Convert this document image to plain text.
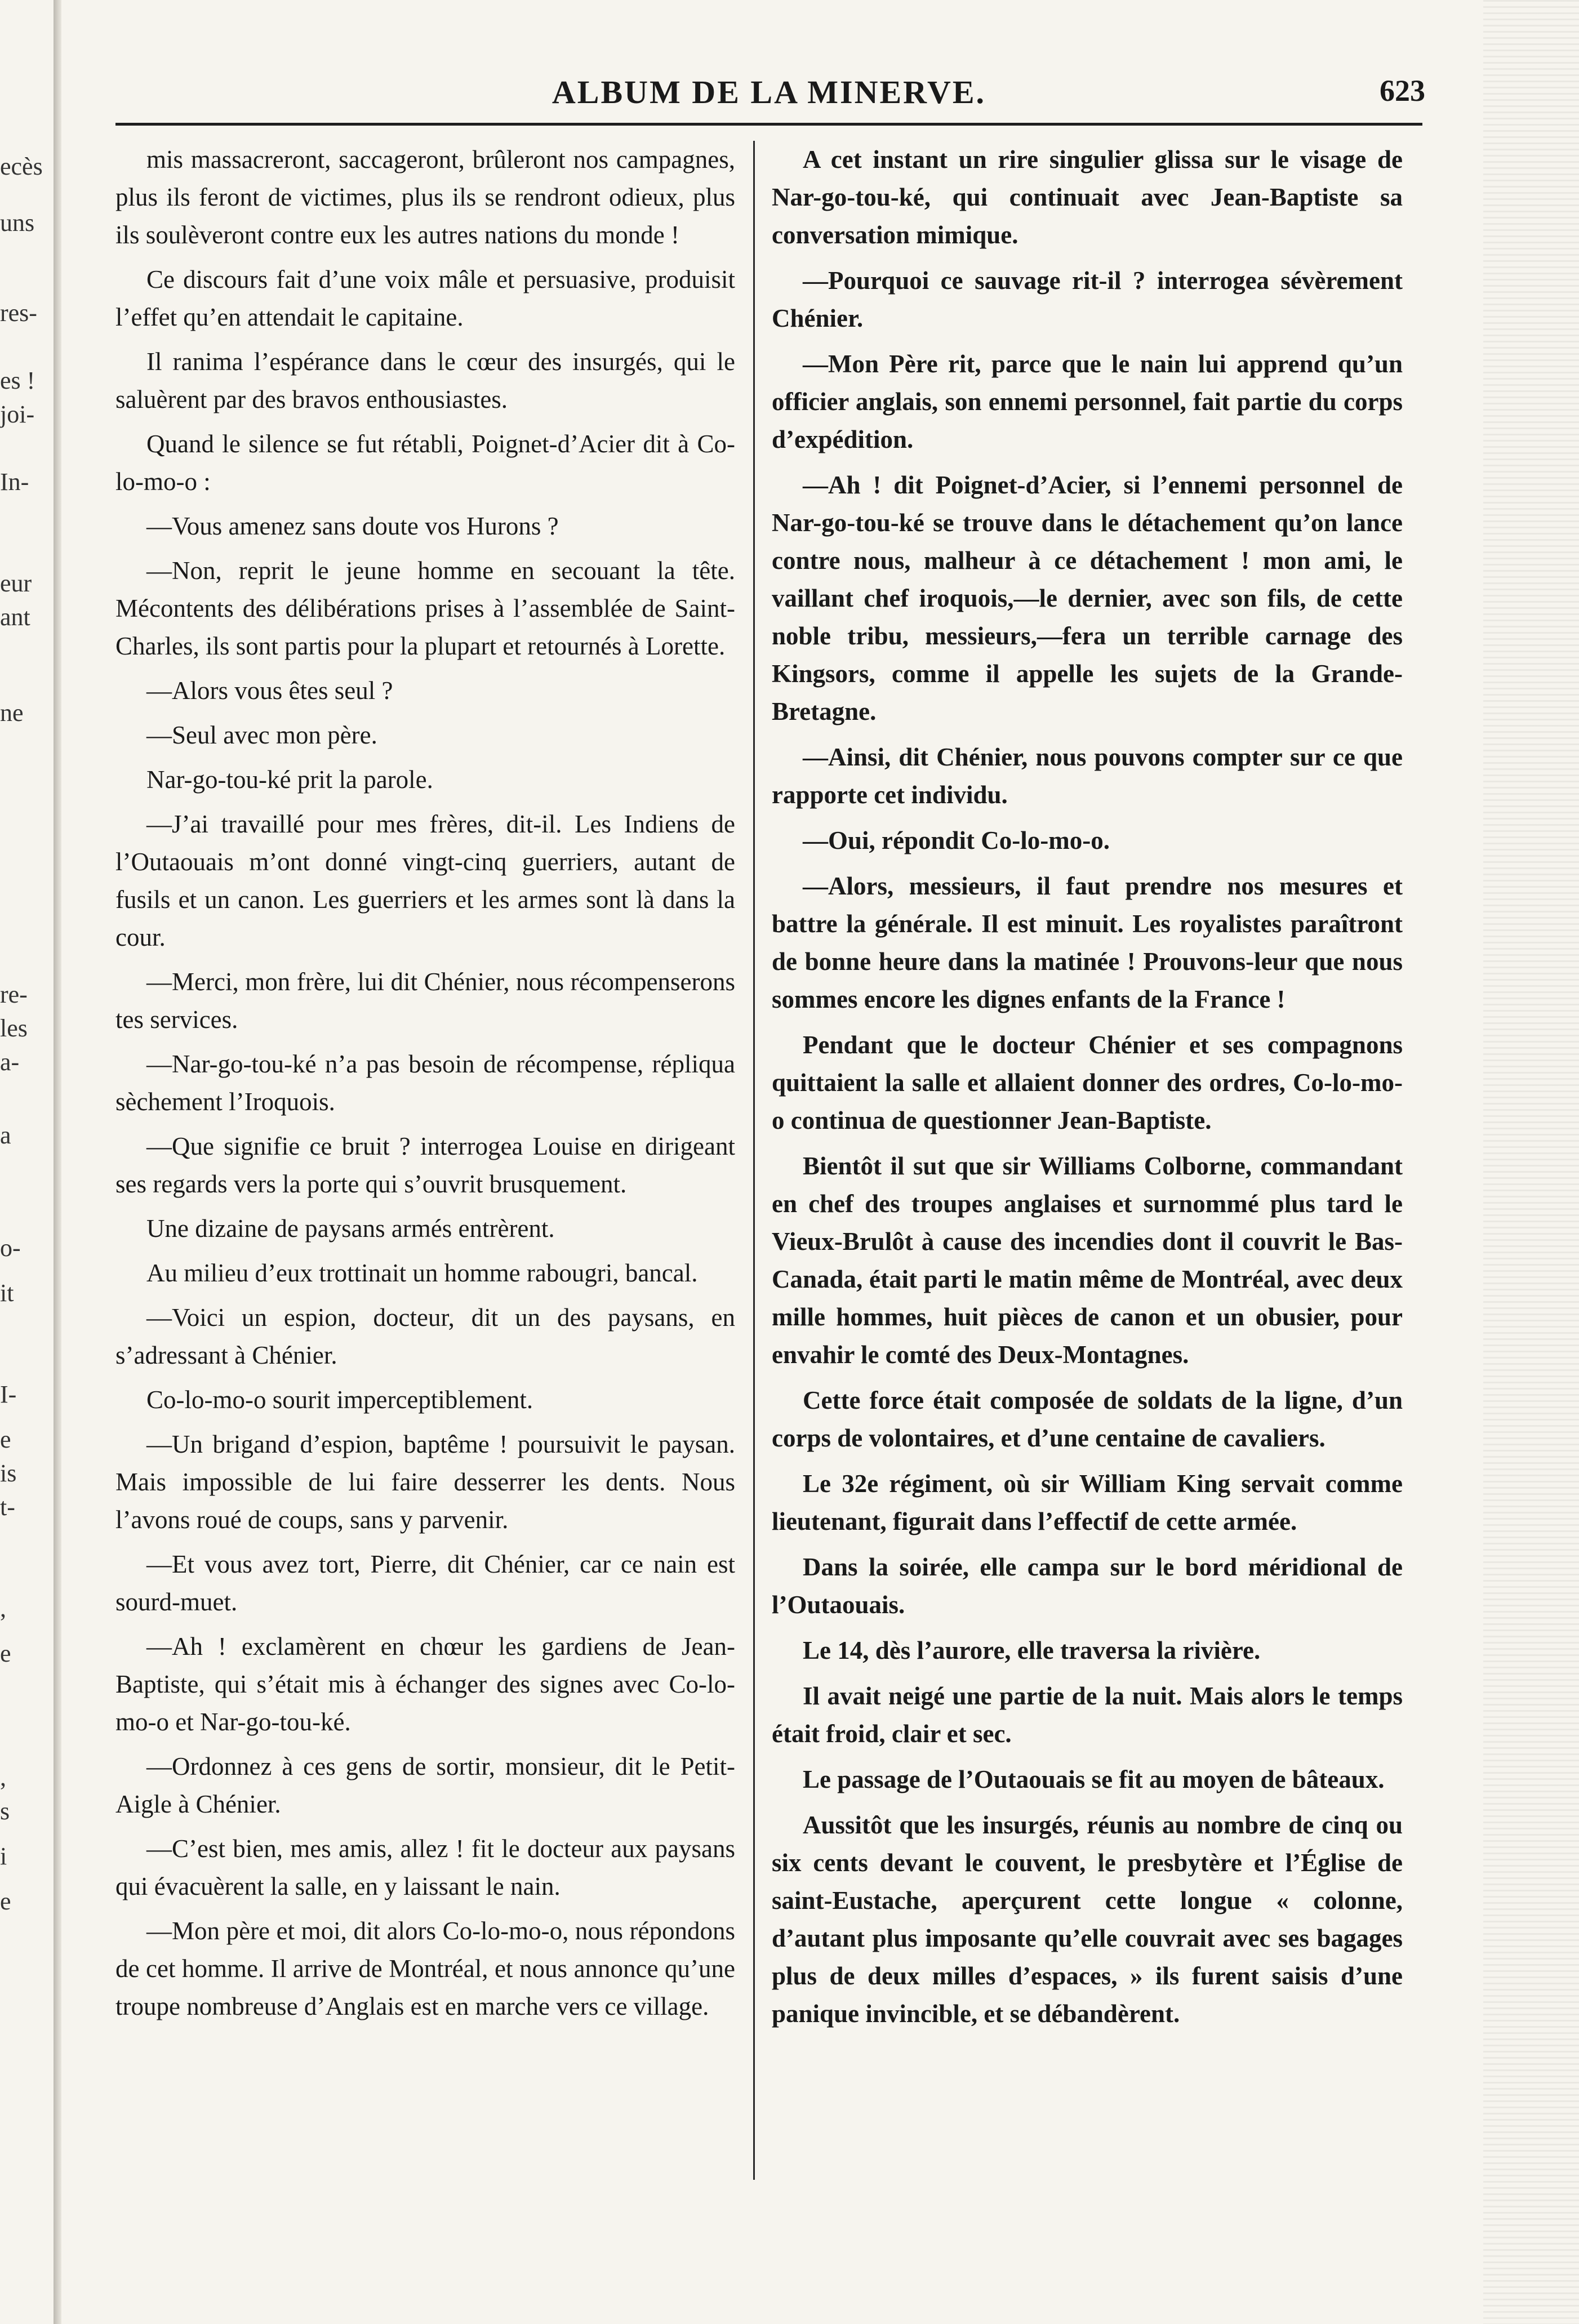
ecès
uns
res-
es !
joi-
In-
eur
ant
ne
re-
les
a-
a
o-
it
I-
e
is
t-
,
e
,
s
i
e
ALBUM DE LA MINERVE.	623

mis massacreront, saccageront, brûleront nos campagnes, plus ils feront de victimes, plus ils se rendront odieux, plus ils soulèveront contre eux les autres nations du monde !

Ce discours fait d’une voix mâle et persuasive, produisit l’effet qu’en attendait le capitaine.

Il ranima l’espérance dans le cœur des insurgés, qui le saluèrent par des bravos enthousiastes.

Quand le silence se fut rétabli, Poignet-d’Acier dit à Co-lo-mo-o :

—Vous amenez sans doute vos Hurons ?

—Non, reprit le jeune homme en secouant la tête. Mécontents des délibérations prises à l’assemblée de Saint-Charles, ils sont partis pour la plupart et retournés à Lorette.

—Alors vous êtes seul ?

—Seul avec mon père.

Nar-go-tou-ké prit la parole.

—J’ai travaillé pour mes frères, dit-il. Les Indiens de l’Outaouais m’ont donné vingt-cinq guerriers, autant de fusils et un canon. Les guerriers et les armes sont là dans la cour.

—Merci, mon frère, lui dit Chénier, nous récompenserons tes services.

—Nar-go-tou-ké n’a pas besoin de récompense, répliqua sèchement l’Iroquois.

—Que signifie ce bruit ? interrogea Louise en dirigeant ses regards vers la porte qui s’ouvrit brusquement.

Une dizaine de paysans armés entrèrent.

Au milieu d’eux trottinait un homme rabougri, bancal.

—Voici un espion, docteur, dit un des paysans, en s’adressant à Chénier.

Co-lo-mo-o sourit imperceptiblement.

—Un brigand d’espion, baptême ! poursuivit le paysan. Mais impossible de lui faire desserrer les dents. Nous l’avons roué de coups, sans y parvenir.

—Et vous avez tort, Pierre, dit Chénier, car ce nain est sourd-muet.

—Ah ! exclamèrent en chœur les gardiens de Jean-Baptiste, qui s’était mis à échanger des signes avec Co-lo-mo-o et Nar-go-tou-ké.

—Ordonnez à ces gens de sortir, monsieur, dit le Petit-Aigle à Chénier.

—C’est bien, mes amis, allez ! fit le docteur aux paysans qui évacuèrent la salle, en y laissant le nain.

—Mon père et moi, dit alors Co-lo-mo-o, nous répondons de cet homme. Il arrive de Montréal, et nous annonce qu’une troupe nombreuse d’Anglais est en marche vers ce village.

A cet instant un rire singulier glissa sur le visage de Nar-go-tou-ké, qui continuait avec Jean-Baptiste sa conversation mimique.

—Pourquoi ce sauvage rit-il ? interrogea sévèrement Chénier.

—Mon Père rit, parce que le nain lui apprend qu’un officier anglais, son ennemi personnel, fait partie du corps d’expédition.

—Ah ! dit Poignet-d’Acier, si l’ennemi personnel de Nar-go-tou-ké se trouve dans le détachement qu’on lance contre nous, malheur à ce détachement ! mon ami, le vaillant chef iroquois,—le dernier, avec son fils, de cette noble tribu, messieurs,—fera un terrible carnage des Kingsors, comme il appelle les sujets de la Grande-Bretagne.

—Ainsi, dit Chénier, nous pouvons compter sur ce que rapporte cet individu.

—Oui, répondit Co-lo-mo-o.

—Alors, messieurs, il faut prendre nos mesures et battre la générale. Il est minuit. Les royalistes paraîtront de bonne heure dans la matinée ! Prouvons-leur que nous sommes encore les dignes enfants de la France !

Pendant que le docteur Chénier et ses compagnons quittaient la salle et allaient donner des ordres, Co-lo-mo-o continua de questionner Jean-Baptiste.

Bientôt il sut que sir Williams Colborne, commandant en chef des troupes anglaises et surnommé plus tard le Vieux-Brulôt à cause des incendies dont il couvrit le Bas-Canada, était parti le matin même de Montréal, avec deux mille hommes, huit pièces de canon et un obusier, pour envahir le comté des Deux-Montagnes.

Cette force était composée de soldats de la ligne, d’un corps de volontaires, et d’une centaine de cavaliers.

Le 32e régiment, où sir William King servait comme lieutenant, figurait dans l’effectif de cette armée.

Dans la soirée, elle campa sur le bord méridional de l’Outaouais.

Le 14, dès l’aurore, elle traversa la rivière.

Il avait neigé une partie de la nuit. Mais alors le temps était froid, clair et sec.

Le passage de l’Outaouais se fit au moyen de bâteaux.

Aussitôt que les insurgés, réunis au nombre de cinq ou six cents devant le couvent, le presbytère et l’Église de saint-Eustache, aperçurent cette longue « colonne, d’autant plus imposante qu’elle couvrait avec ses bagages plus de deux milles d’espaces, » ils furent saisis d’une panique invincible, et se débandèrent.
